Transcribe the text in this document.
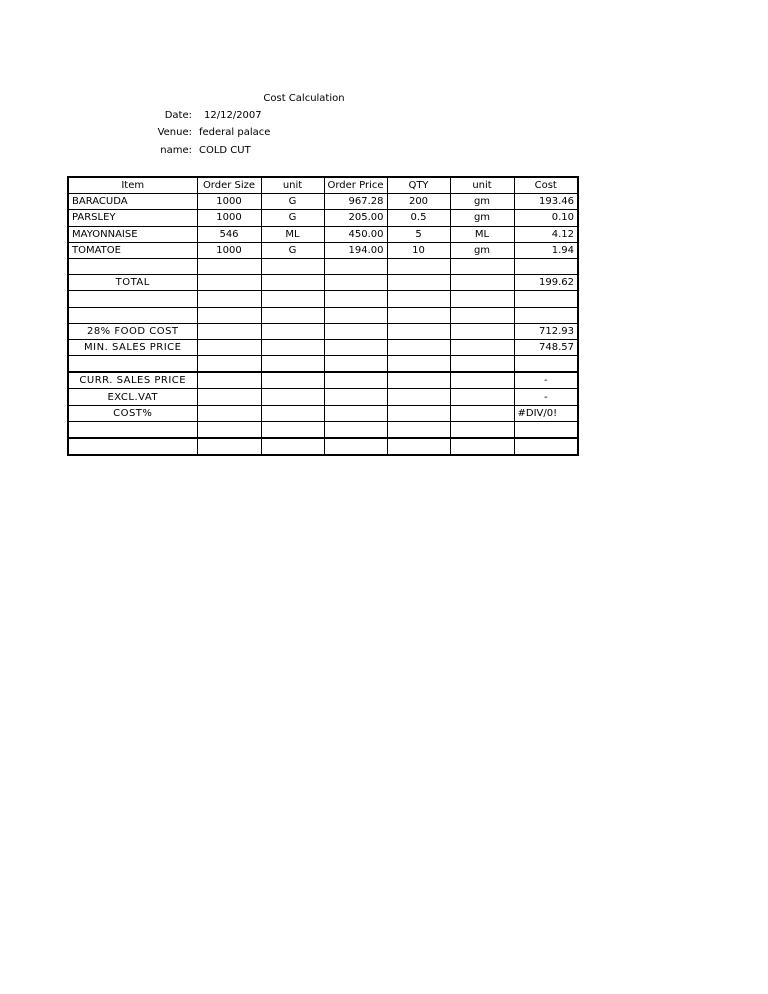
Cost Calculation
Date: 12/12/2007
Venue: federal palace
name: COLD CUT
Item	Order Size	unit	Order Price	QTY	unit	Cost
BARACUDA	1000	G	967.28	200	gm	193.46
PARSLEY	1000	G	205.00	0.5	gm	0.10
MAYONNAISE	546	ML	450.00	5	ML	4.12
TOMATOE	1000	G	194.00	10	gm	1.94

TOTAL						199.62

28% FOOD COST						712.93
MIN. SALES PRICE						748.57

CURR. SALES PRICE						-
EXCL.VAT						-
COST%						#DIV/0!
